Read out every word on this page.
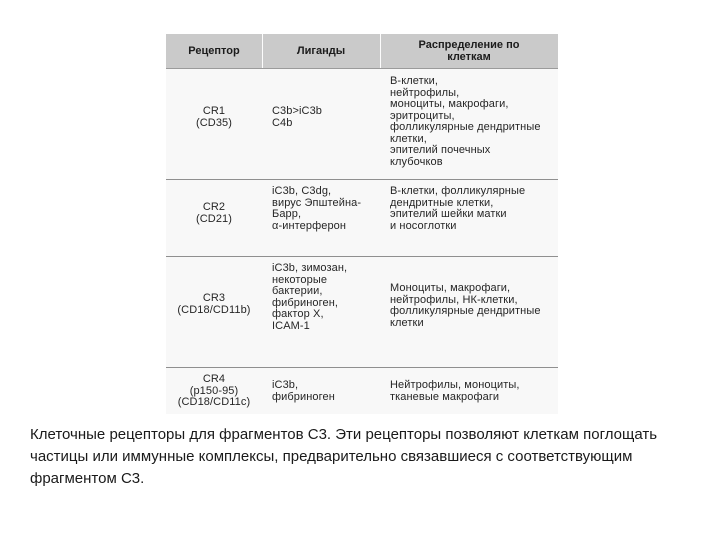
Рецептор	Лиганды	Распределение по
клеткам
CR1
(CD35)
C3b>iC3b
C4b
B-клетки,
нейтрофилы,
моноциты, макрофаги,
эритроциты,
фолликулярные дендритные
клетки,
эпителий почечных
клубочков
CR2
(CD21)
iC3b, C3dg,
вирус Эпштейна-
Барр,
α-интерферон
B-клетки, фолликулярные
дендритные клетки,
эпителий шейки матки
и носоглотки
CR3
(CD18/CD11b)
iC3b, зимозан,
некоторые
бактерии,
фибриноген,
фактор X,
ICAM-1
Моноциты, макрофаги,
нейтрофилы, НК-клетки,
фолликулярные дендритные
клетки
CR4
(p150-95)
(CD18/CD11c)
iC3b,
фибриноген
Нейтрофилы, моноциты,
тканевые макрофаги
Клеточные рецепторы для фрагментов С3. Эти рецепторы позволяют клеткам поглощать частицы или иммунные комплексы, предварительно связавшиеся с соответствующим фрагментом С3.
